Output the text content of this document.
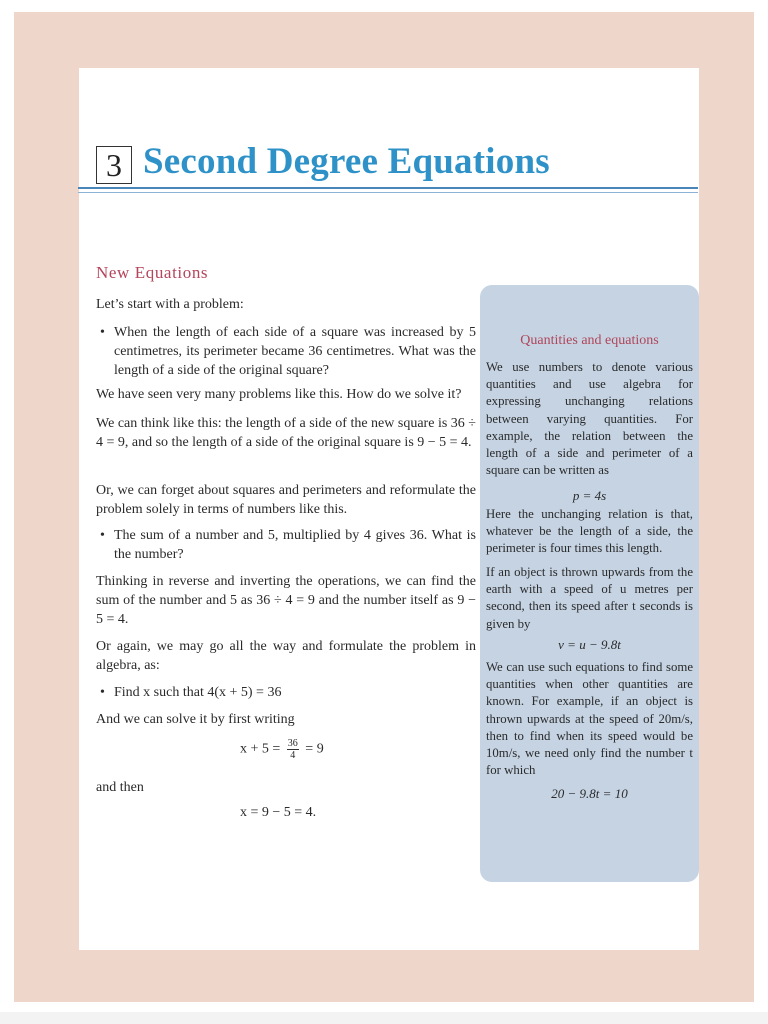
3 Second Degree Equations
New Equations

Let’s start with a problem:

• When the length of each side of a square was increased by 5 centimetres, its perimeter became 36 centimetres. What was the length of a side of the original square?

We have seen very many problems like this. How do we solve it?

We can think like this: the length of a side of the new square is 36 ÷ 4 = 9, and so the length of a side of the original square is 9 − 5 = 4.

Or, we can forget about squares and perimeters and reformulate the problem solely in terms of numbers like this.

• The sum of a number and 5, multiplied by 4 gives 36. What is the number?

Thinking in reverse and inverting the operations, we can find the sum of the number and 5 as 36 ÷ 4 = 9 and the number itself as 9 − 5 = 4.

Or again, we may go all the way and formulate the problem in algebra, as:

• Find x such that 4(x + 5) = 36

And we can solve it by first writing

$x + 5 = \frac{36}{4} = 9$

and then

x = 9 − 5 = 4.
Quantities and equations

We use numbers to denote various quantities and use algebra for expressing unchanging relations between varying quantities. For example, the relation between the length of a side and perimeter of a square can be written as

p = 4s

Here the unchanging relation is that, whatever be the length of a side, the perimeter is four times this length.

If an object is thrown upwards from the earth with a speed of u metres per second, then its speed after t seconds is given by

v = u − 9.8t

We can use such equations to find some quantities when other quantities are known. For example, if an object is thrown upwards at the speed of 20m/s, then to find when its speed would be 10m/s, we need only find the number t for which

20 − 9.8t = 10
